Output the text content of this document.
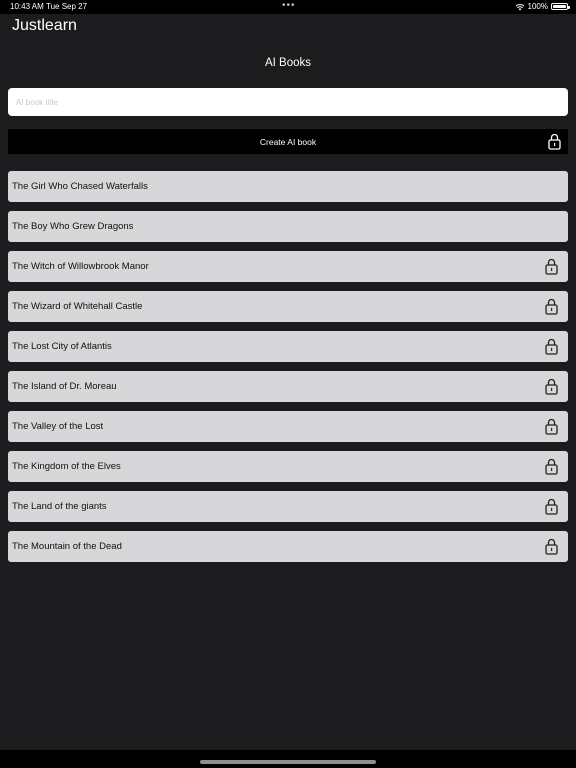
10:43 AM Tue Sep 27	•••	100%
Justlearn
AI Books
AI book title
Create AI book
The Girl Who Chased Waterfalls
The Boy Who Grew Dragons
The Witch of Willowbrook Manor
The Wizard of Whitehall Castle
The Lost City of Atlantis
The Island of Dr. Moreau
The Valley of the Lost
The Kingdom of the Elves
The Land of the giants
The Mountain of the Dead
